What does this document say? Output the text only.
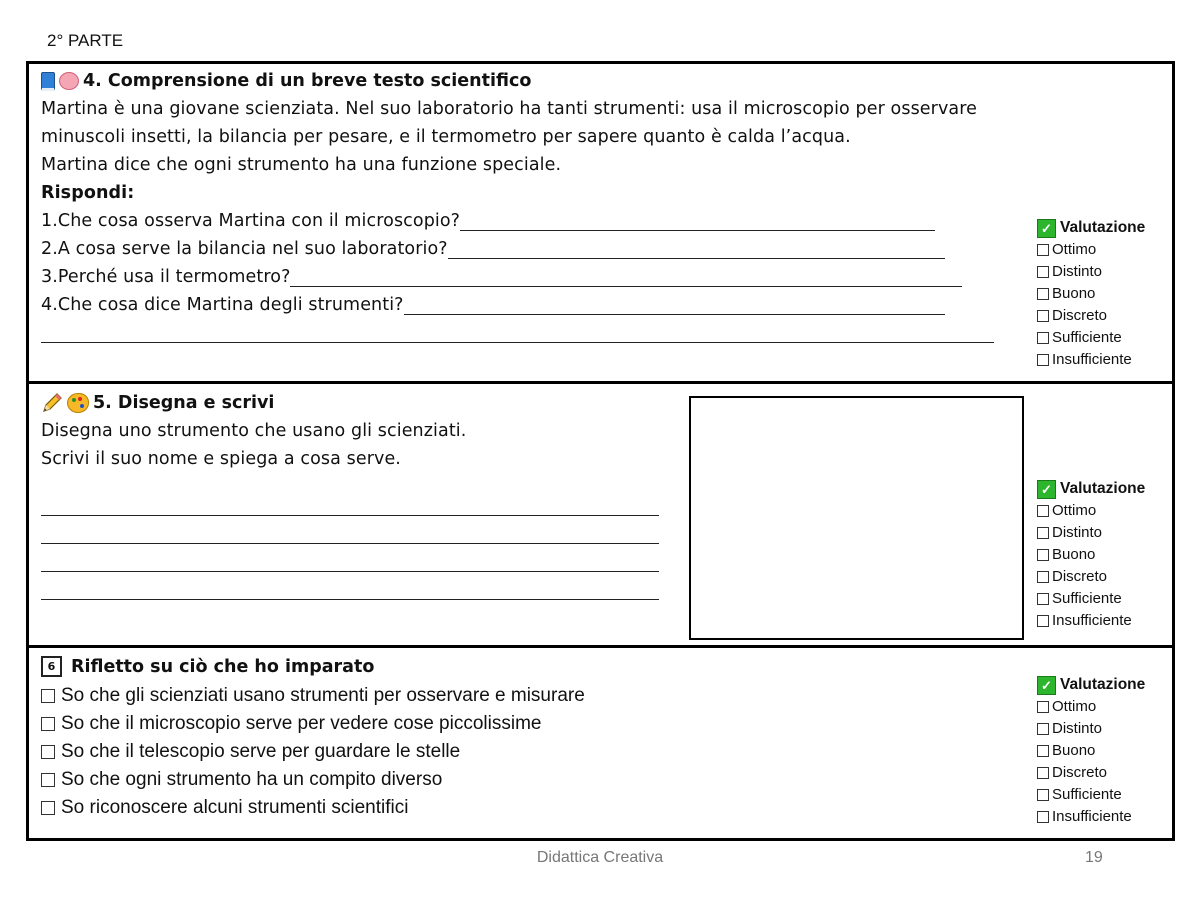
2° PARTE
4. Comprensione di un breve testo scientifico
Martina è una giovane scienziata. Nel suo laboratorio ha tanti strumenti: usa il microscopio per osservare
minuscoli insetti, la bilancia per pesare, e il termometro per sapere quanto è calda l’acqua.
Martina dice che ogni strumento ha una funzione speciale.
Rispondi:
1.Che cosa osserva Martina con il microscopio?
2.A cosa serve la bilancia nel suo laboratorio?
3.Perché usa il termometro?
4.Che cosa dice Martina degli strumenti?
✓ Valutazione
Ottimo
Distinto
Buono
Discreto
Sufficiente
Insufficiente
5. Disegna e scrivi
Disegna uno strumento che usano gli scienziati.
Scrivi il suo nome e spiega a cosa serve.
✓ Valutazione
Ottimo
Distinto
Buono
Discreto
Sufficiente
Insufficiente
6 Rifletto su ciò che ho imparato
So che gli scienziati usano strumenti per osservare e misurare
So che il microscopio serve per vedere cose piccolissime
So che il telescopio serve per guardare le stelle
So che ogni strumento ha un compito diverso
So riconoscere alcuni strumenti scientifici
✓ Valutazione
Ottimo
Distinto
Buono
Discreto
Sufficiente
Insufficiente
Didattica Creativa	19
